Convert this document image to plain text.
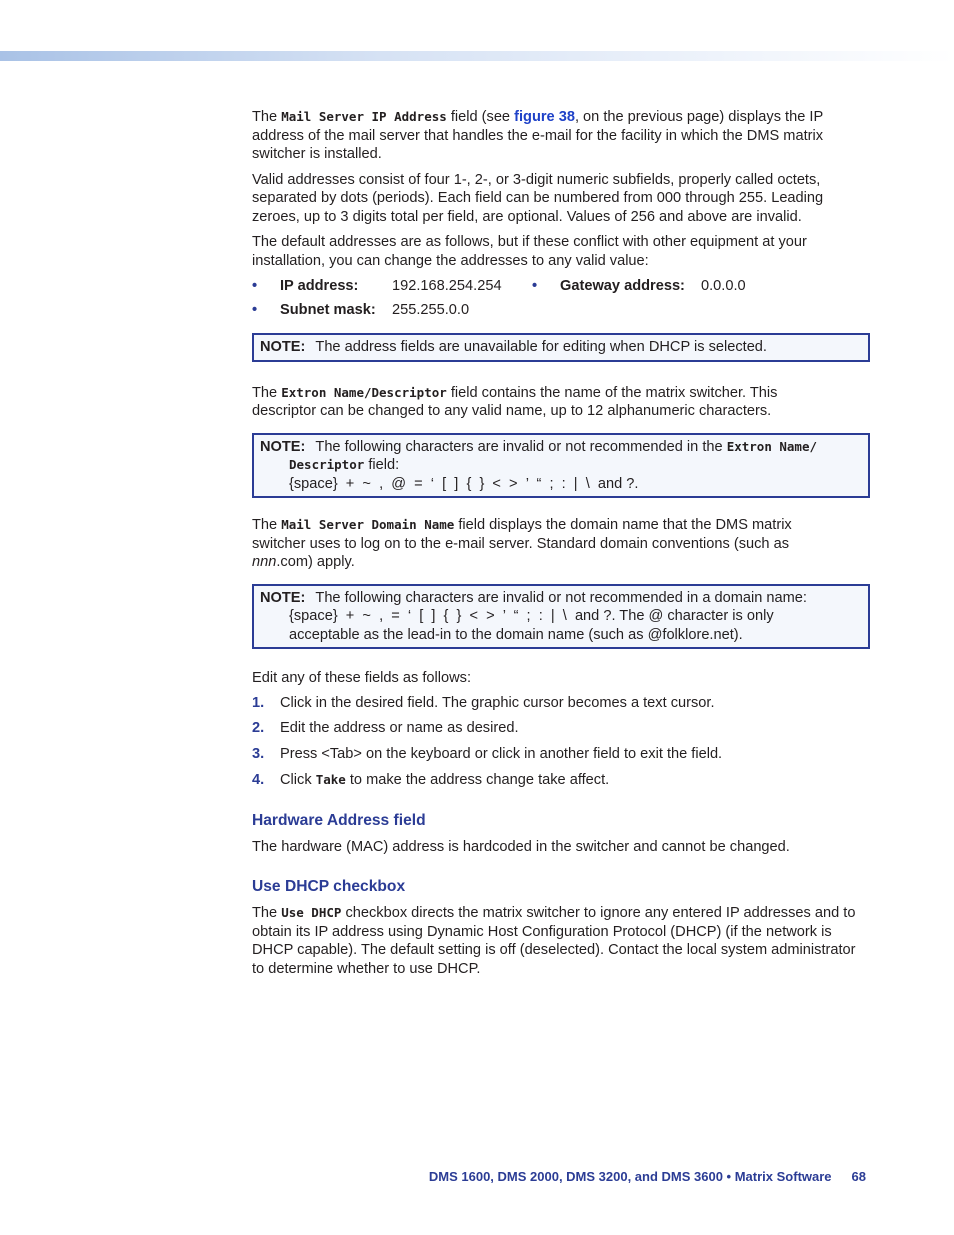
The Mail Server IP Address field (see figure 38, on the previous page) displays the IP address of the mail server that handles the e-mail for the facility in which the DMS matrix switcher is installed.

Valid addresses consist of four 1-, 2-, or 3-digit numeric subfields, properly called octets, separated by dots (periods). Each field can be numbered from 000 through 255. Leading zeroes, up to 3 digits total per field, are optional. Values of 256 and above are invalid.

The default addresses are as follows, but if these conflict with other equipment at your installation, you can change the addresses to any valid value:

• IP address: 192.168.254.254 • Gateway address: 0.0.0.0
• Subnet mask: 255.255.0.0
NOTE: The address fields are unavailable for editing when DHCP is selected.

The Extron Name/Descriptor field contains the name of the matrix switcher. This descriptor can be changed to any valid name, up to 12 alphanumeric characters.

NOTE: The following characters are invalid or not recommended in the Extron Name/
Descriptor field:
{space}  +  ~  ,  @  =  ‘  [  ]  {  }  <  >  ’  “  ;  :  |  \  and ?.

The Mail Server Domain Name field displays the domain name that the DMS matrix switcher uses to log on to the e-mail server. Standard domain conventions (such as nnn.com) apply.

NOTE: The following characters are invalid or not recommended in a domain name:
{space}  +  ~  ,  =  ‘  [  ]  {  }  <  >  ’  “  ;  :  |  \  and ?. The @ character is only
acceptable as the lead-in to the domain name (such as @folklore.net).

Edit any of these fields as follows:

1. Click in the desired field. The graphic cursor becomes a text cursor.
2. Edit the address or name as desired.
3. Press <Tab> on the keyboard or click in another field to exit the field.
4. Click Take to make the address change take affect.
Hardware Address field

The hardware (MAC) address is hardcoded in the switcher and cannot be changed.

Use DHCP checkbox

The Use DHCP checkbox directs the matrix switcher to ignore any entered IP addresses and to obtain its IP address using Dynamic Host Configuration Protocol (DHCP) (if the network is DHCP capable). The default setting is off (deselected). Contact the local system administrator to determine whether to use DHCP.

DMS 1600, DMS 2000, DMS 3200, and DMS 3600 • Matrix Software 68
